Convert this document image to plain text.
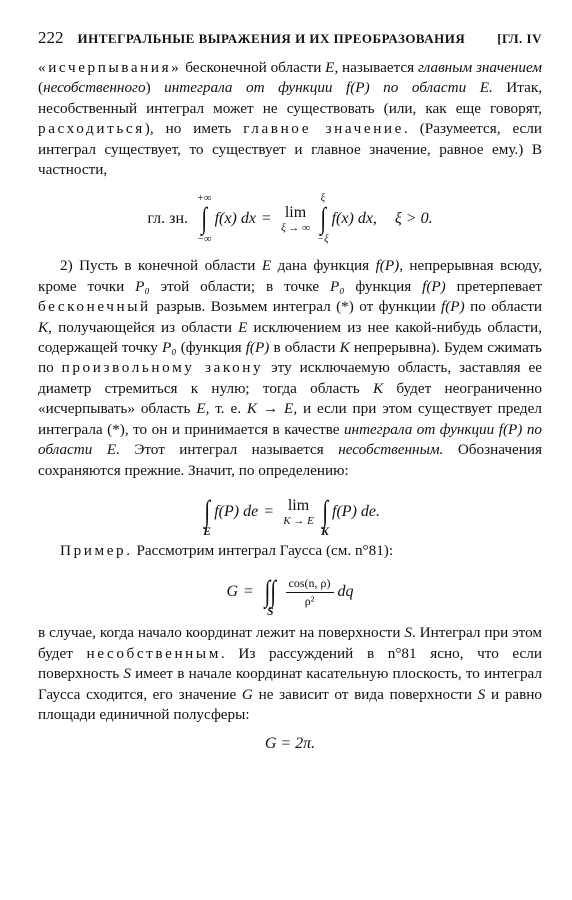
222 ИНТЕГРАЛЬНЫЕ ВЫРАЖЕНИЯ И ИХ ПРЕОБРАЗОВАНИЯ	[ГЛ. IV

«исчерпывания» бесконечной области E, называется главным значением (несобственного) интеграла от функции f(P) по области E. Итак, несобственный интеграл может не существовать (или, как еще говорят, расходиться), но иметь главное значение. (Разумеется, если интеграл существует, то существует и главное значение, равное ему.) В частности,

гл. зн.
+∞
∫
−∞
f(x) dx = lim
ξ → ∞
ξ
∫
−ξ
f(x) dx, ξ > 0.

2) Пусть в конечной области E дана функция f(P), непрерывная всюду, кроме точки P₀ этой области; в точке P₀ функция f(P) претерпевает бесконечный разрыв. Возьмем интеграл (*) от функции f(P) по области K, получающейся из области E исключением из нее какой-нибудь области, содержащей точку P₀ (функция f(P) в области K непрерывна). Будем сжимать по произвольному закону эту исключаемую область, заставляя ее диаметр стремиться к нулю; тогда область K будет неограниченно «исчерпывать» область E, т. е. K → E, и если при этом существует предел интеграла (*), то он и принимается в качестве интеграла от функции f(P) по области E. Этот интеграл называется несобственным. Обозначения сохраняются прежние. Значит, по определению:

∫
E
f(P) de = lim
K → E
∫
K
f(P) de.

Пример. Рассмотрим интеграл Гаусса (см. n°81):

G =
∫∫
S
$\frac{\cos(n, \rho)}{\text{ρ²}}$ dq

в случае, когда начало координат лежит на поверхности S. Интеграл при этом будет несобственным. Из рассуждений в n°81 ясно, что если поверхность S имеет в начале координат касательную плоскость, то интеграл Гаусса сходится, его значение G не зависит от вида поверхности S и равно площади единичной полусферы:

G = 2π.
